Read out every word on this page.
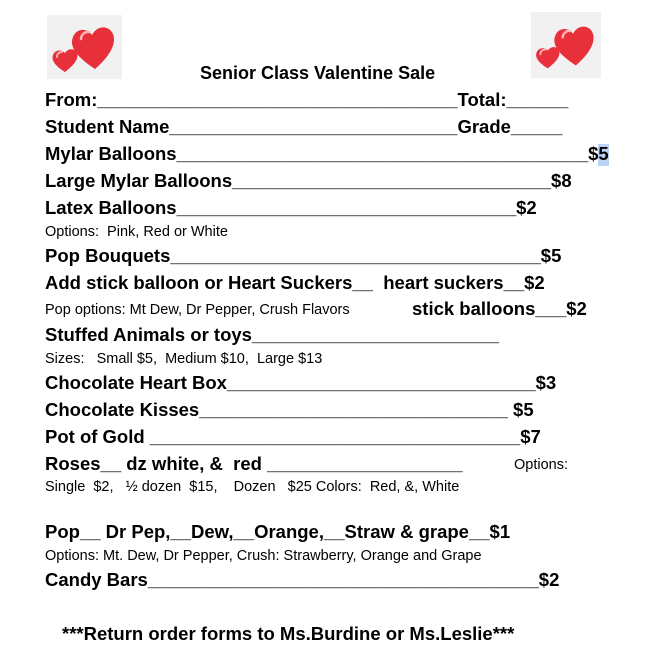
Senior Class Valentine Sale
From:___________________________________Total:______
Student Name____________________________Grade_____
Mylar Balloons________________________________________$5
Large Mylar Balloons_______________________________$8
Latex Balloons_________________________________$2
Options:  Pink, Red or White
Pop Bouquets____________________________________$5
Add stick balloon or Heart Suckers__  heart suckers__$2
Pop options: Mt Dew, Dr Pepper, Crush Flavors	stick balloons___$2
Stuffed Animals or toys________________________
Sizes:   Small $5,  Medium $10,  Large $13
Chocolate Heart Box______________________________$3
Chocolate Kisses______________________________ $5
Pot of Gold ____________________________________$7
Roses__ dz white, &  red ___________________	Options:
Single  $2,   ½ dozen  $15,    Dozen   $25 Colors:  Red, &, White
Pop__ Dr Pep,__Dew,__Orange,__Straw & grape__$1
Options: Mt. Dew, Dr Pepper, Crush: Strawberry, Orange and Grape
Candy Bars______________________________________$2
***Return order forms to Ms.Burdine or Ms.Leslie***
